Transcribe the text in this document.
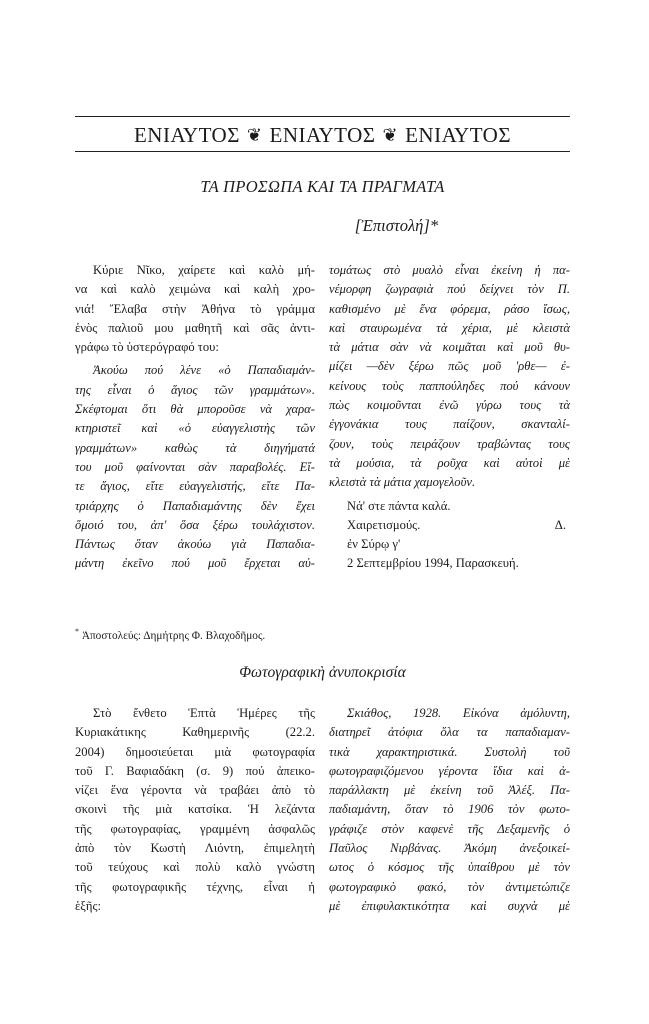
ΕΝΙΑΥΤΟΣ ❦ ΕΝΙΑΥΤΟΣ ❦ ΕΝΙΑΥΤΟΣ
ΤΑ ΠΡΟΣΩΠΑ ΚΑΙ ΤΑ ΠΡΑΓΜΑΤΑ
[Ἐπιστολή]*
Κύριε Νῖκο, χαίρετε καὶ καλὸ μή-
να καὶ καλὸ χειμώνα καὶ καλὴ χρο-
νιά! Ἔλαβα στὴν Ἀθήνα τὸ γράμμα
ἑνὸς παλιοῦ μου μαθητῆ καὶ σᾶς ἀντι-
γράφω τὸ ὑστερόγραφό του:
Ἀκούω πού λένε «ὁ Παπαδιαμάν-
της εἶναι ὁ ἅγιος τῶν γραμμάτων».
Σκέφτομαι ὅτι θὰ μποροῦσε νὰ χαρα-
κτηριστεῖ καὶ «ὁ εὐαγγελιστὴς τῶν
γραμμάτων» καθὼς τὰ διηγήματά
του μοῦ φαίνονται σὰν παραβολές. Εἴ-
τε ἅγιος, εἴτε εὐαγγελιστής, εἴτε Πα-
τριάρχης ὁ Παπαδιαμάντης δὲν ἔχει
ὅμοιό του, ἀπ' ὅσα ξέρω τουλάχιστον.
Πάντως ὅταν ἀκούω γιὰ Παπαδια-
μάντη ἐκεῖνο πού μοῦ ἔρχεται αὐ-
τομάτως στὸ μυαλὸ εἶναι ἐκείνη ἡ πα-
νέμορφη ζωγραφιὰ πού δείχνει τὸν Π.
καθισμένο μὲ ἕνα φόρεμα, ράσο ἴσως,
καὶ σταυρωμένα τὰ χέρια, μὲ κλειστὰ
τὰ μάτια σὰν νὰ κοιμᾶται καὶ μοῦ θυ-
μίζει —δὲν ξέρω πῶς μοῦ 'ρθε— ἐ-
κείνους τοὺς παππούληδες πού κάνουν
πὼς κοιμοῦνται ἐνῶ γύρω τους τὰ
ἐγγονάκια τους παίζουν, σκανταλί-
ζουν, τοὺς πειράζουν τραβώντας τους
τὰ μούσια, τὰ ροῦχα καὶ αὐτοὶ μὲ
κλειστὰ τὰ μάτια χαμογελοῦν.
Νά' στε πάντα καλά.
Χαιρετισμούς.	Δ.
ἐν Σύρῳ γ'
2 Σεπτεμβρίου 1994, Παρασκευή.
* Ἀποστολεύς: Δημήτρης Φ. Βλαχοδῆμος.
Φωτογραφικὴ ἀνυποκρισία
Στὸ ἔνθετο Ἑπτὰ Ἡμέρες τῆς
Κυριακάτικης Καθημερινῆς (22.2.
2004) δημοσιεύεται μιὰ φωτογραφία
τοῦ Γ. Βαφιαδάκη (σ. 9) πού ἀπεικο-
νίζει ἕνα γέροντα νὰ τραβάει ἀπὸ τὸ
σκοινὶ τῆς μιὰ κατσίκα. Ἡ λεζάντα
τῆς φωτογραφίας, γραμμένη ἀσφαλῶς
ἀπὸ τὸν Κωστὴ Λιόντη, ἐπιμελητὴ
τοῦ τεύχους καὶ πολὺ καλὸ γνώστη
τῆς φωτογραφικῆς τέχνης, εἶναι ἡ
ἑξῆς:
Σκιάθος, 1928. Εἰκόνα ἀμόλυντη,
διατηρεῖ ἀτόφια ὅλα τα παπαδιαμαν-
τικὰ χαρακτηριστικά. Συστολὴ τοῦ
φωτογραφιζόμενου γέροντα ἴδια καὶ ἀ-
παράλλακτη μὲ ἐκείνη τοῦ Ἀλέξ. Πα-
παδιαμάντη, ὅταν τὸ 1906 τὸν φωτο-
γράφιζε στὸν καφενὲ τῆς Δεξαμενῆς ὁ
Παῦλος Νιρβάνας. Ἀκόμη ἀνεξοικεί-
ωτος ὁ κόσμος τῆς ὑπαίθρου μὲ τὸν
φωτογραφικὸ φακό, τὸν ἀντιμετώπιζε
μὲ ἐπιφυλακτικότητα καὶ συχνὰ μὲ
